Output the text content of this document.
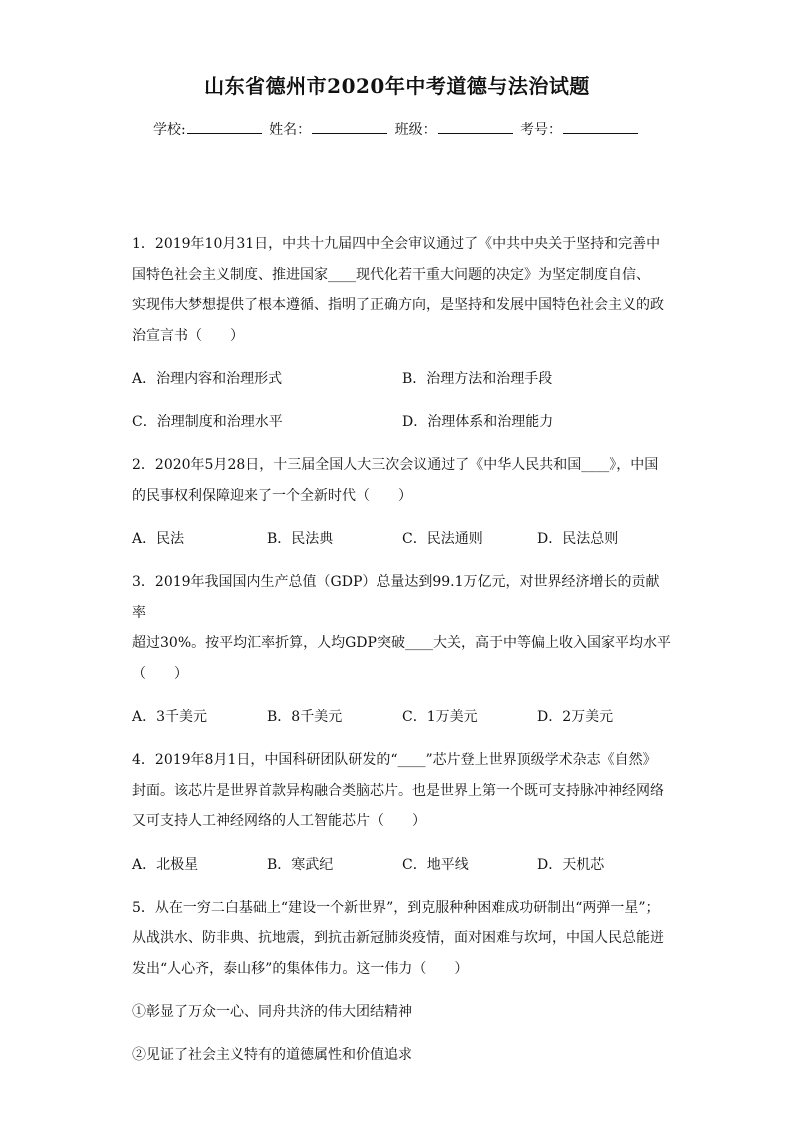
山东省德州市2020年中考道德与法治试题
学校:	姓名：	班级：	考号：

1．2019年10月31日，中共十九届四中全会审议通过了《中共中央关于坚持和完善中
国特色社会主义制度、推进国家____现代化若干重大问题的决定》为坚定制度自信、
实现伟大梦想提供了根本遵循、指明了正确方向，是坚持和发展中国特色社会主义的政
治宣言书（　　）

A．治理内容和治理形式	B．治理方法和治理手段
C．治理制度和治理水平	D．治理体系和治理能力

2．2020年5月28日，十三届全国人大三次会议通过了《中华人民共和国____》，中国
的民事权利保障迎来了一个全新时代（　　）

A．民法	B．民法典	C．民法通则	D．民法总则

3．2019年我国国内生产总值（GDP）总量达到99.1万亿元，对世界经济增长的贡献率
超过30%。按平均汇率折算，人均GDP突破____大关，高于中等偏上收入国家平均水平
（　　）

A．3千美元	B．8千美元	C．1万美元	D．2万美元

4．2019年8月1日，中国科研团队研发的“____”芯片登上世界顶级学术杂志《自然》
封面。该芯片是世界首款异构融合类脑芯片。也是世界上第一个既可支持脉冲神经网络
又可支持人工神经网络的人工智能芯片（　　）

A．北极星	B．寒武纪	C．地平线	D．天机芯

5．从在一穷二白基础上“建设一个新世界”，到克服种种困难成功研制出“两弹一星”；
从战洪水、防非典、抗地震，到抗击新冠肺炎疫情，面对困难与坎坷，中国人民总能迸
发出“人心齐，泰山移”的集体伟力。这一伟力（　　）

①彰显了万众一心、同舟共济的伟大团结精神
②见证了社会主义特有的道德属性和价值追求
